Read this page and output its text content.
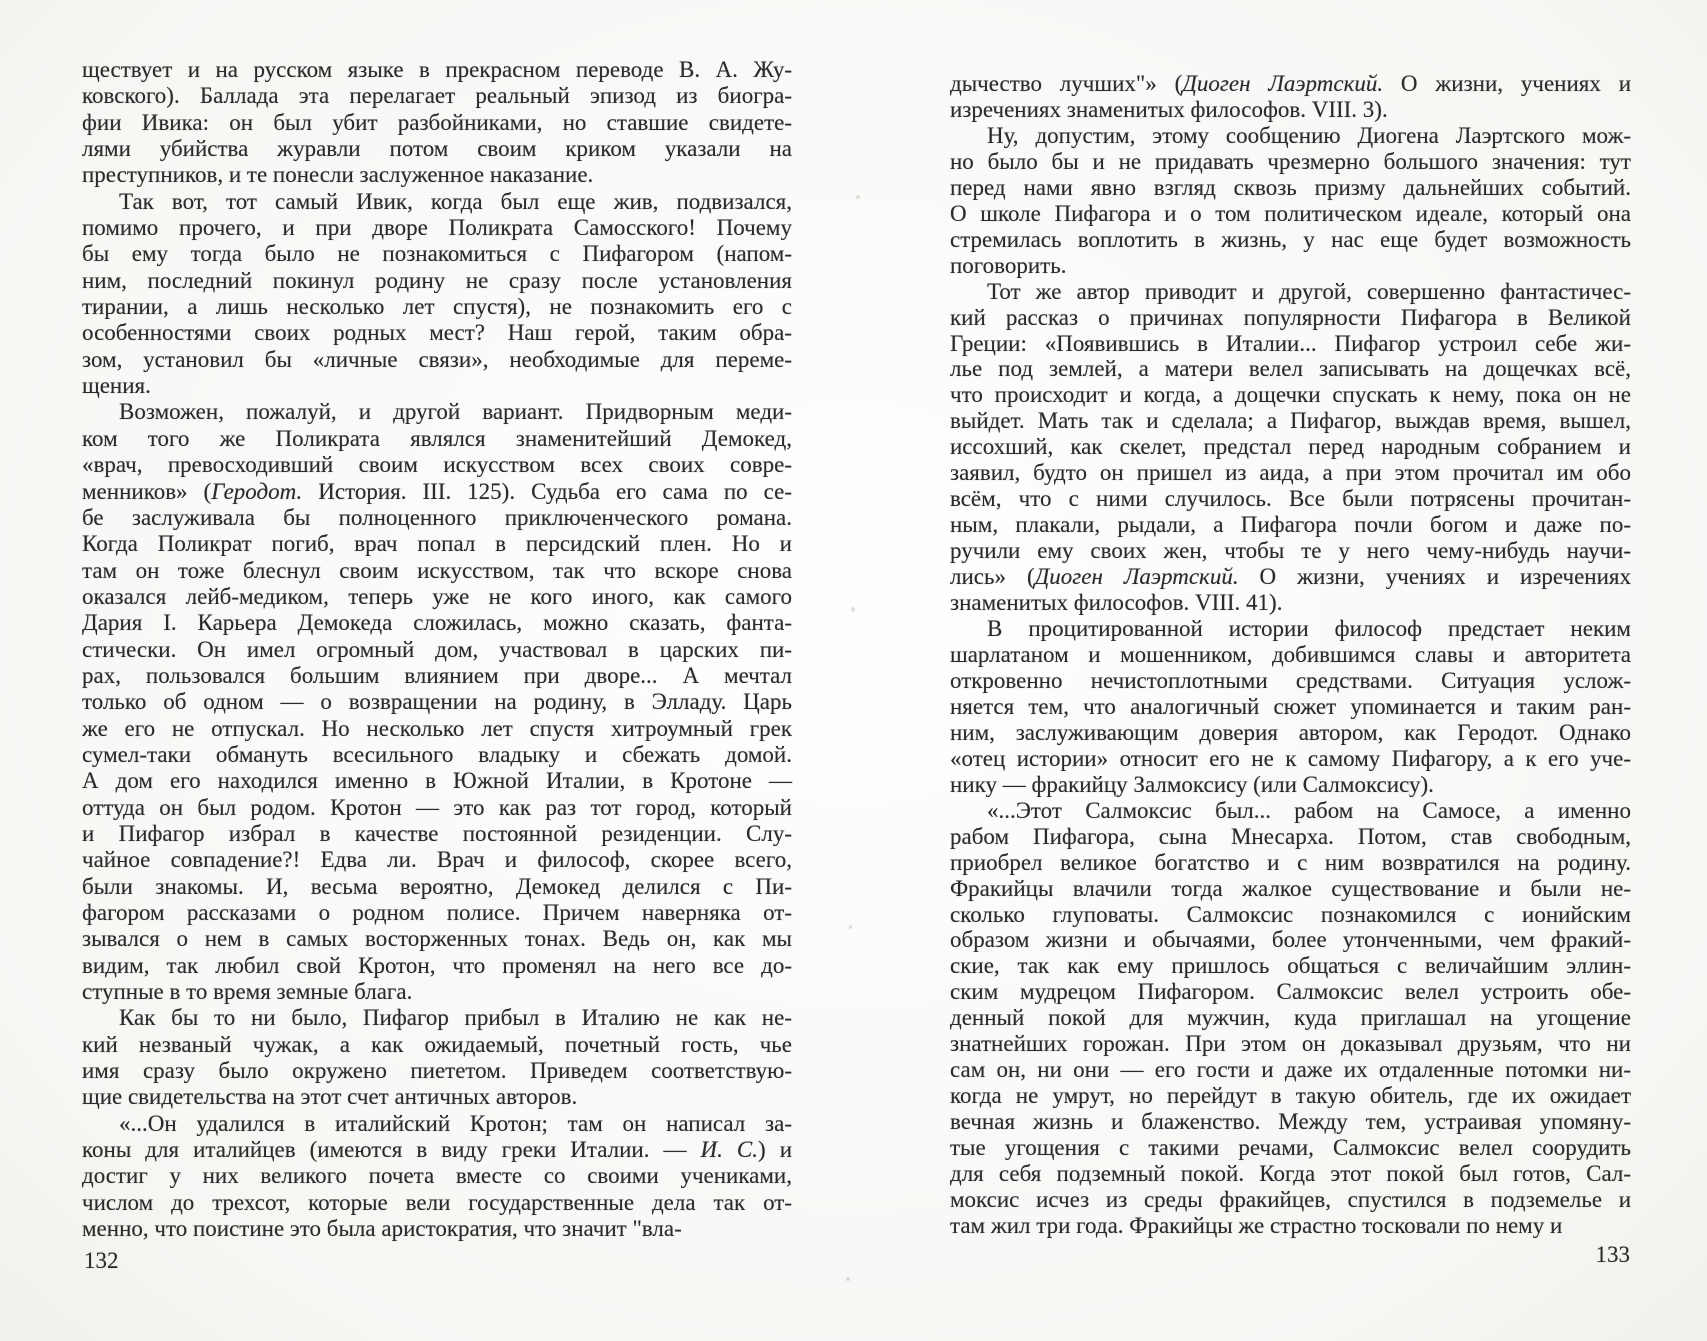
ществует и на русском языке в прекрасном переводе В. А. Жу-
ковского). Баллада эта перелагает реальный эпизод из биогра-
фии Ивика: он был убит разбойниками, но ставшие свидете-
лями убийства журавли потом своим криком указали на
преступников, и те понесли заслуженное наказание.
Так вот, тот самый Ивик, когда был еще жив, подвизался,
помимо прочего, и при дворе Поликрата Самосского! Почему
бы ему тогда было не познакомиться с Пифагором (напом-
ним, последний покинул родину не сразу после установления
тирании, а лишь несколько лет спустя), не познакомить его с
особенностями своих родных мест? Наш герой, таким обра-
зом, установил бы «личные связи», необходимые для переме-
щения.
Возможен, пожалуй, и другой вариант. Придворным меди-
ком того же Поликрата являлся знаменитейший Демокед,
«врач, превосходивший своим искусством всех своих совре-
менников» (Геродот. История. III. 125). Судьба его сама по се-
бе заслуживала бы полноценного приключенческого романа.
Когда Поликрат погиб, врач попал в персидский плен. Но и
там он тоже блеснул своим искусством, так что вскоре снова
оказался лейб-медиком, теперь уже не кого иного, как самого
Дария I. Карьера Демокеда сложилась, можно сказать, фанта-
стически. Он имел огромный дом, участвовал в царских пи-
рах, пользовался большим влиянием при дворе... А мечтал
только об одном — о возвращении на родину, в Элладу. Царь
же его не отпускал. Но несколько лет спустя хитроумный грек
сумел-таки обмануть всесильного владыку и сбежать домой.
А дом его находился именно в Южной Италии, в Кротоне —
оттуда он был родом. Кротон — это как раз тот город, который
и Пифагор избрал в качестве постоянной резиденции. Слу-
чайное совпадение?! Едва ли. Врач и философ, скорее всего,
были знакомы. И, весьма вероятно, Демокед делился с Пи-
фагором рассказами о родном полисе. Причем наверняка от-
зывался о нем в самых восторженных тонах. Ведь он, как мы
видим, так любил свой Кротон, что променял на него все до-
ступные в то время земные блага.
Как бы то ни было, Пифагор прибыл в Италию не как не-
кий незваный чужак, а как ожидаемый, почетный гость, чье
имя сразу было окружено пиететом. Приведем соответствую-
щие свидетельства на этот счет античных авторов.
«...Он удалился в италийский Кротон; там он написал за-
коны для италийцев (имеются в виду греки Италии. — И. С.) и
достиг у них великого почета вместе со своими учениками,
числом до трехсот, которые вели государственные дела так от-
менно, что поистине это была аристократия, что значит "вла-
дычество лучших"» (Диоген Лаэртский. О жизни, учениях и
изречениях знаменитых философов. VIII. 3).
Ну, допустим, этому сообщению Диогена Лаэртского мож-
но было бы и не придавать чрезмерно большого значения: тут
перед нами явно взгляд сквозь призму дальнейших событий.
О школе Пифагора и о том политическом идеале, который она
стремилась воплотить в жизнь, у нас еще будет возможность
поговорить.
Тот же автор приводит и другой, совершенно фантастичес-
кий рассказ о причинах популярности Пифагора в Великой
Греции: «Появившись в Италии... Пифагор устроил себе жи-
лье под землей, а матери велел записывать на дощечках всё,
что происходит и когда, а дощечки спускать к нему, пока он не
выйдет. Мать так и сделала; а Пифагор, выждав время, вышел,
иссохший, как скелет, предстал перед народным собранием и
заявил, будто он пришел из аида, а при этом прочитал им обо
всём, что с ними случилось. Все были потрясены прочитан-
ным, плакали, рыдали, а Пифагора почли богом и даже по-
ручили ему своих жен, чтобы те у него чему-нибудь научи-
лись» (Диоген Лаэртский. О жизни, учениях и изречениях
знаменитых философов. VIII. 41).
В процитированной истории философ предстает неким
шарлатаном и мошенником, добившимся славы и авторитета
откровенно нечистоплотными средствами. Ситуация услож-
няется тем, что аналогичный сюжет упоминается и таким ран-
ним, заслуживающим доверия автором, как Геродот. Однако
«отец истории» относит его не к самому Пифагору, а к его уче-
нику — фракийцу Залмоксису (или Салмоксису).
«...Этот Салмоксис был... рабом на Самосе, а именно
рабом Пифагора, сына Мнесарха. Потом, став свободным,
приобрел великое богатство и с ним возвратился на родину.
Фракийцы влачили тогда жалкое существование и были не-
сколько глуповаты. Салмоксис познакомился с ионийским
образом жизни и обычаями, более утонченными, чем фракий-
ские, так как ему пришлось общаться с величайшим эллин-
ским мудрецом Пифагором. Салмоксис велел устроить обе-
денный покой для мужчин, куда приглашал на угощение
знатнейших горожан. При этом он доказывал друзьям, что ни
сам он, ни они — его гости и даже их отдаленные потомки ни-
когда не умрут, но перейдут в такую обитель, где их ожидает
вечная жизнь и блаженство. Между тем, устраивая упомяну-
тые угощения с такими речами, Салмоксис велел соорудить
для себя подземный покой. Когда этот покой был готов, Сал-
моксис исчез из среды фракийцев, спустился в подземелье и
там жил три года. Фракийцы же страстно тосковали по нему и
132	133
